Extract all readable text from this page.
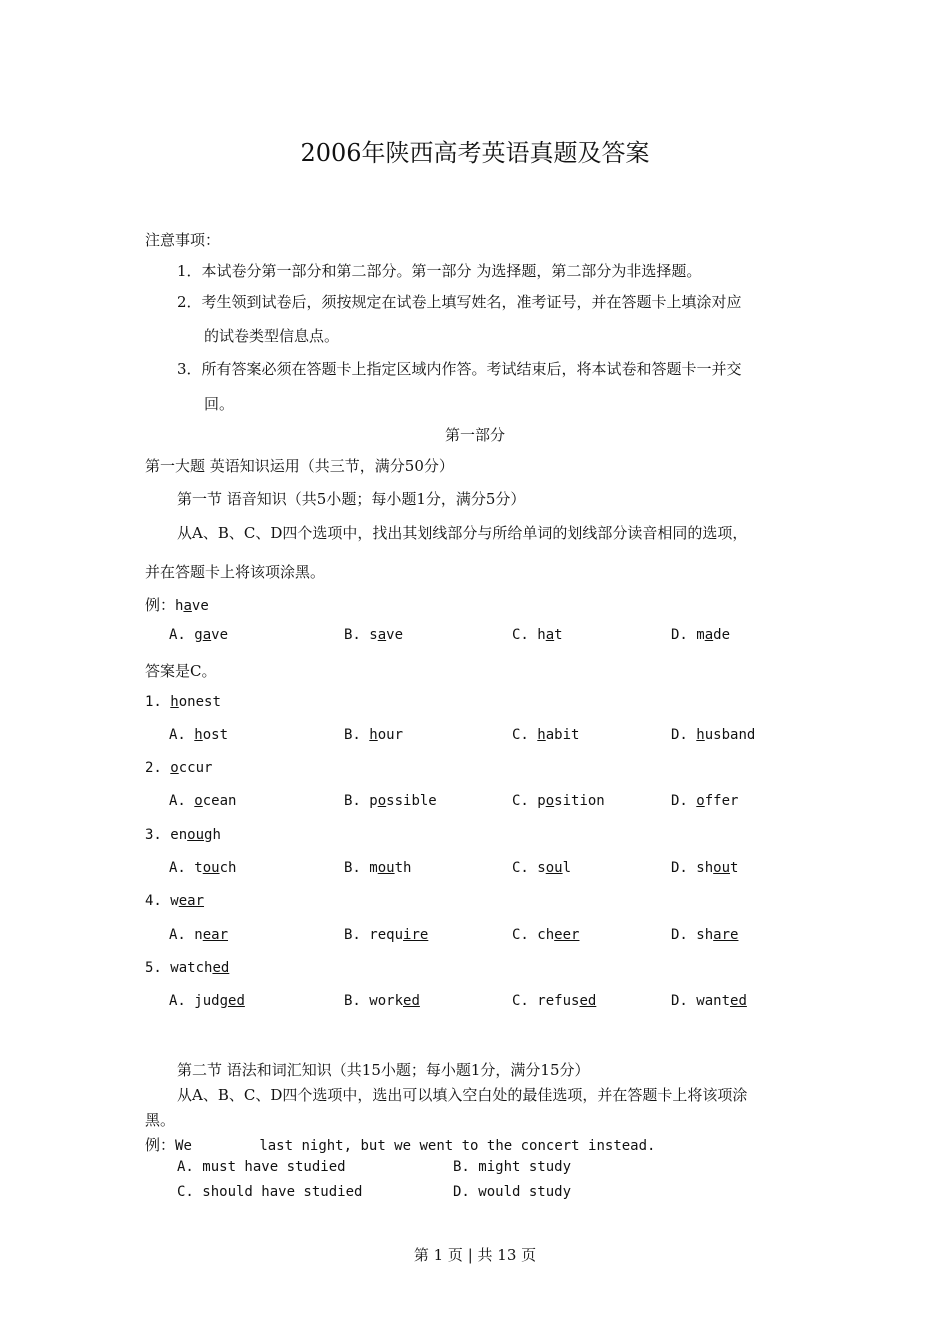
2006年陕西高考英语真题及答案
注意事项：
1．本试卷分第一部分和第二部分。第一部分 为选择题，第二部分为非选择题。
2．考生领到试卷后，须按规定在试卷上填写姓名，准考证号，并在答题卡上填涂对应
的试卷类型信息点。
3．所有答案必须在答题卡上指定区域内作答。考试结束后，将本试卷和答题卡一并交
回。
第一部分
第一大题 英语知识运用（共三节，满分50分）
第一节 语音知识（共5小题；每小题1分，满分5分）
从A、B、C、D四个选项中，找出其划线部分与所给单词的划线部分读音相同的选项，
并在答题卡上将该项涂黑。
例：have
A. gave	B. save	C. hat	D. made
答案是C。
1. honest
A. host	B. hour	C. habit	D. husband
2. occur
A. ocean	B. possible	C. position	D. offer
3. enough
A. touch	B. mouth	C. soul	D. shout
4. wear
A. near	B. require	C. cheer	D. share
5. watched
A. judged	B. worked	C. refused	D. wanted
第二节 语法和词汇知识（共15小题；每小题1分，满分15分）
从A、B、C、D四个选项中，选出可以填入空白处的最佳选项，并在答题卡上将该项涂
黑。
例：We	last night, but we went to the concert instead.
A. must have studied	B. might study
C. should have studied	D. would study
第 1 页 | 共 13 页
